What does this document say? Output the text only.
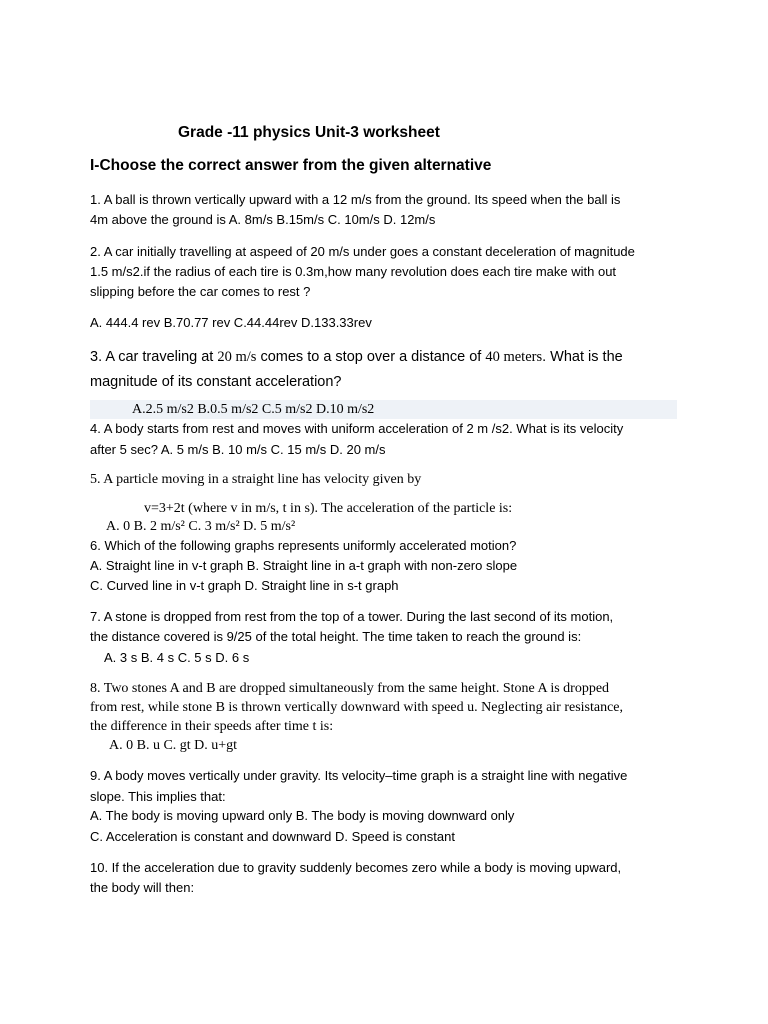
Grade -11 physics Unit-3 worksheet
I-Choose the correct answer from the given alternative
1. A ball is thrown vertically upward with a 12 m/s from the ground. Its speed when the ball is
4m above the ground is A. 8m/s B.15m/s C. 10m/s D. 12m/s
2. A car initially travelling at aspeed of 20 m/s under goes a constant deceleration of magnitude
1.5 m/s2.if the radius of each tire is 0.3m,how many revolution does each tire make with out
slipping before the car comes to rest ?
A. 444.4 rev B.70.77 rev C.44.44rev D.133.33rev
3. A car traveling at 20 m/s comes to a stop over a distance of 40 meters. What is the
magnitude of its constant acceleration?
A.2.5 m/s2 B.0.5 m/s2 C.5 m/s2 D.10 m/s2
4. A body starts from rest and moves with uniform acceleration of 2 m /s2. What is its velocity
after 5 sec? A. 5 m/s B. 10 m/s C. 15 m/s D. 20 m/s
5. A particle moving in a straight line has velocity given by
v=3+2t (where v in m/s, t in s). The acceleration of the particle is:
A. 0 B. 2 m/s² C. 3 m/s² D. 5 m/s²
6. Which of the following graphs represents uniformly accelerated motion?
A. Straight line in v-t graph B. Straight line in a-t graph with non-zero slope
C. Curved line in v-t graph D. Straight line in s-t graph
7. A stone is dropped from rest from the top of a tower. During the last second of its motion,
the distance covered is 9/25 of the total height. The time taken to reach the ground is:
A. 3 s B. 4 s C. 5 s D. 6 s
8. Two stones A and B are dropped simultaneously from the same height. Stone A is dropped
from rest, while stone B is thrown vertically downward with speed u. Neglecting air resistance,
the difference in their speeds after time t is:
A. 0 B. u C. gt D. u+gt
9. A body moves vertically under gravity. Its velocity–time graph is a straight line with negative
slope. This implies that:
A. The body is moving upward only B. The body is moving downward only
C. Acceleration is constant and downward D. Speed is constant
10. If the acceleration due to gravity suddenly becomes zero while a body is moving upward,
the body will then:
